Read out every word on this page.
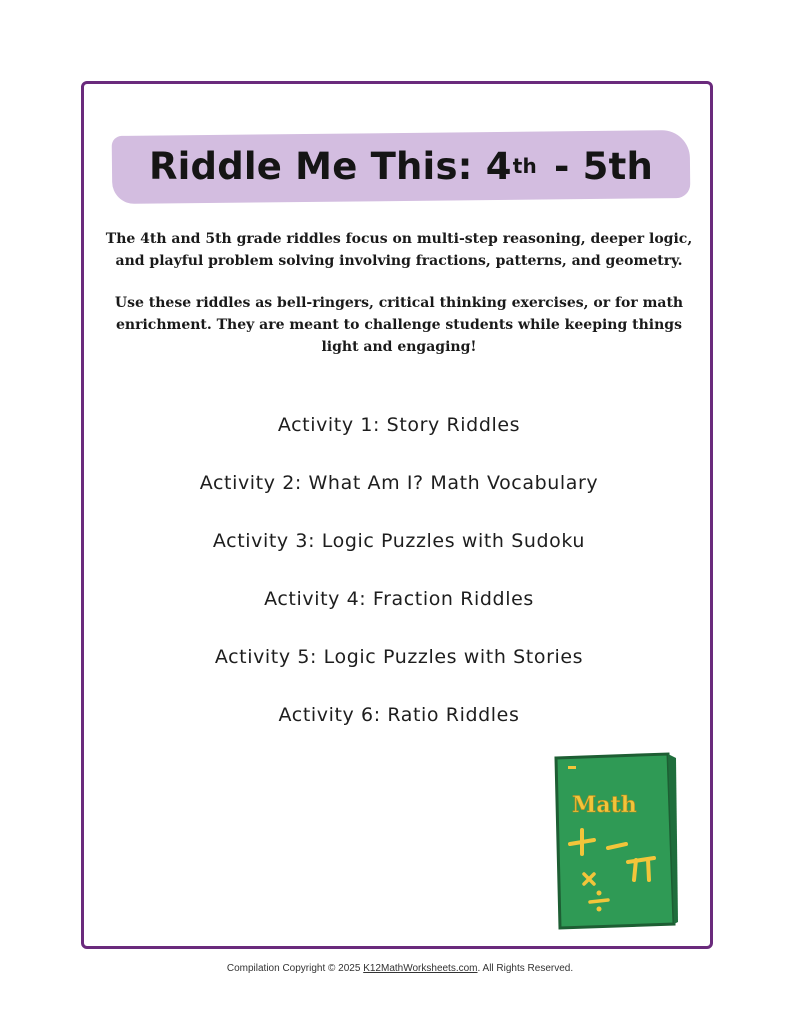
Riddle Me This: 4 th
- 5th

The 4th and 5th grade riddles focus on multi-step reasoning, deeper logic, and playful problem solving involving fractions, patterns, and geometry.

Use these riddles as bell-ringers, critical thinking exercises, or for math enrichment. They are meant to challenge students while keeping things light and engaging!

Activity 1: Story Riddles
Activity 2: What Am I? Math Vocabulary
Activity 3: Logic Puzzles with Sudoku
Activity 4: Fraction Riddles
Activity 5: Logic Puzzles with Stories
Activity 6: Ratio Riddles
Math
Compilation Copyright © 2025 K12MathWorksheets.com. All Rights Reserved.
